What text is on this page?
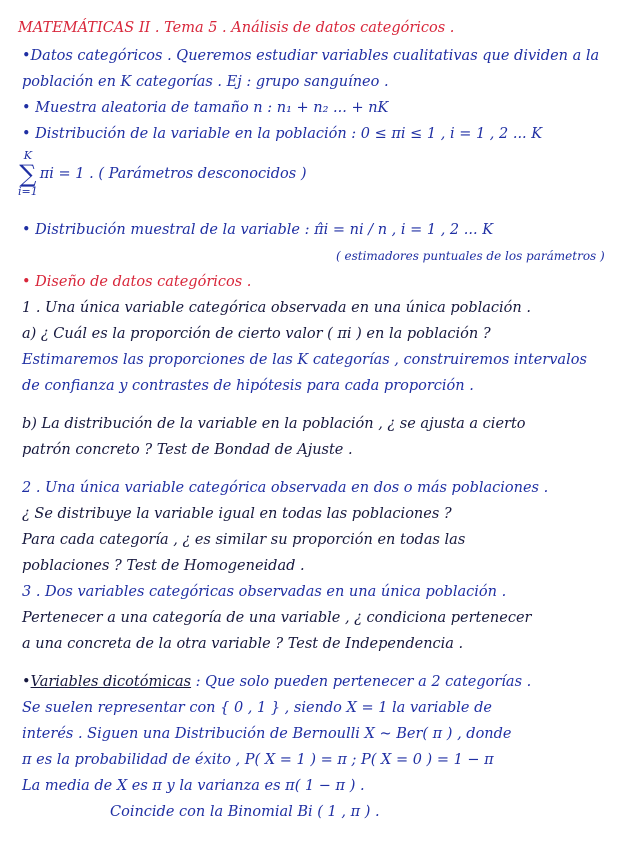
MATEMÁTICAS II . Tema 5 . Análisis de datos categóricos .
•Datos categóricos . Queremos estudiar variables cualitativas que dividen a la
población en K categorías . Ej : grupo sanguíneo .
• Muestra aleatoria de tamaño n : n₁ + n₂ ... + nK
• Distribución de la variable en la población : 0 ≤ πi ≤ 1 , i = 1 , 2 ... K
K
∑
i=1
πi = 1 . ( Parámetros desconocidos )
• Distribución muestral de la variable : π̂i = ni / n , i = 1 , 2 ... K
( estimadores puntuales de los parámetros )
• Diseño de datos categóricos .
1 . Una única variable categórica observada en una única población .
a) ¿ Cuál es la proporción de cierto valor ( πi ) en la población ?
Estimaremos las proporciones de las K categorías , construiremos intervalos
de confianza y contrastes de hipótesis para cada proporción .
b) La distribución de la variable en la población , ¿ se ajusta a cierto
patrón concreto ? Test de Bondad de Ajuste .
2 . Una única variable categórica observada en dos o más poblaciones .
¿ Se distribuye la variable igual en todas las poblaciones ?
Para cada categoría , ¿ es similar su proporción en todas las
poblaciones ? Test de Homogeneidad .
3 . Dos variables categóricas observadas en una única población .
Pertenecer a una categoría de una variable , ¿ condiciona pertenecer
a una concreta de la otra variable ? Test de Independencia .
•Variables dicotómicas : Que solo pueden pertenecer a 2 categorías .
Se suelen representar con { 0 , 1 } , siendo X = 1 la variable de
interés . Siguen una Distribución de Bernoulli X ~ Ber( π ) , donde
π es la probabilidad de éxito , P( X = 1 ) = π ; P( X = 0 ) = 1 − π
La media de X es π y la varianza es π( 1 − π ) .
Coincide con la Binomial Bi ( 1 , π ) .
